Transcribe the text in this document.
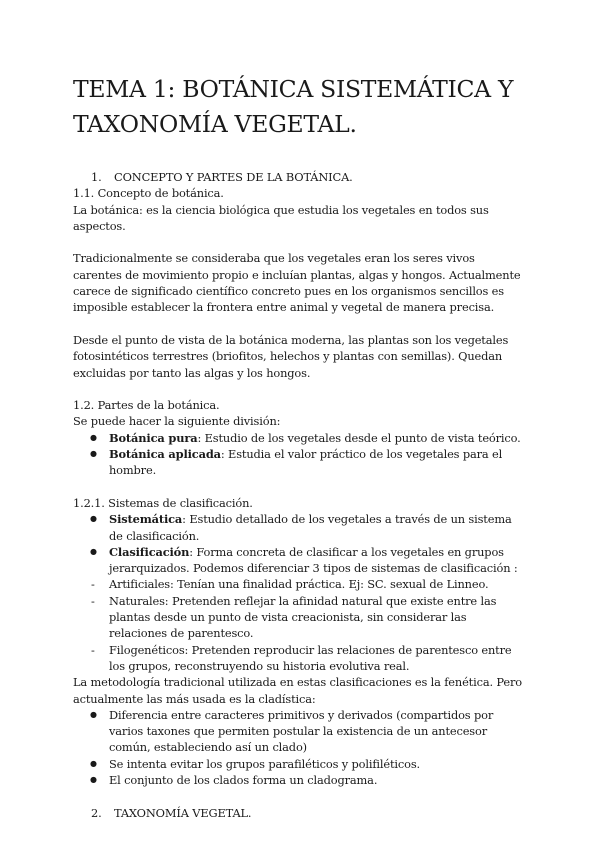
TEMA 1: BOTÁNICA SISTEMÁTICA Y TAXONOMÍA VEGETAL.

1. CONCEPTO Y PARTES DE LA BOTÁNICA.

1.1. Concepto de botánica.

La botánica: es la ciencia biológica que estudia los vegetales en todos sus aspectos.

Tradicionalmente se consideraba que los vegetales eran los seres vivos carentes de movimiento propio e incluían plantas, algas y hongos. Actualmente carece de significado científico concreto pues en los organismos sencillos es imposible establecer la frontera entre animal y vegetal de manera precisa.

Desde el punto de vista de la botánica moderna, las plantas son los vegetales fotosintéticos terrestres (briofitos, helechos y plantas con semillas). Quedan excluidas por tanto las algas y los hongos.

1.2. Partes de la botánica.

Se puede hacer la siguiente división:

● Botánica pura: Estudio de los vegetales desde el punto de vista teórico.
● Botánica aplicada: Estudia el valor práctico de los vegetales para el hombre.

1.2.1. Sistemas de clasificación.

● Sistemática: Estudio detallado de los vegetales a través de un sistema de clasificación.
● Clasificación: Forma concreta de clasificar a los vegetales en grupos jerarquizados. Podemos diferenciar 3 tipos de sistemas de clasificación :
- Artificiales: Tenían una finalidad práctica. Ej: SC. sexual de Linneo.
- Naturales: Pretenden reflejar la afinidad natural que existe entre las plantas desde un punto de vista creacionista, sin considerar las relaciones de parentesco.
- Filogenéticos: Pretenden reproducir las relaciones de parentesco entre los grupos, reconstruyendo su historia evolutiva real.

La metodología tradicional utilizada en estas clasificaciones es la fenética. Pero actualmente las más usada es la cladística:

● Diferencia entre caracteres primitivos y derivados (compartidos por varios taxones que permiten postular la existencia de un antecesor común, estableciendo así un clado)
● Se intenta evitar los grupos parafiléticos y polifiléticos.
● El conjunto de los clados forma un cladograma.

2. TAXONOMÍA VEGETAL.
